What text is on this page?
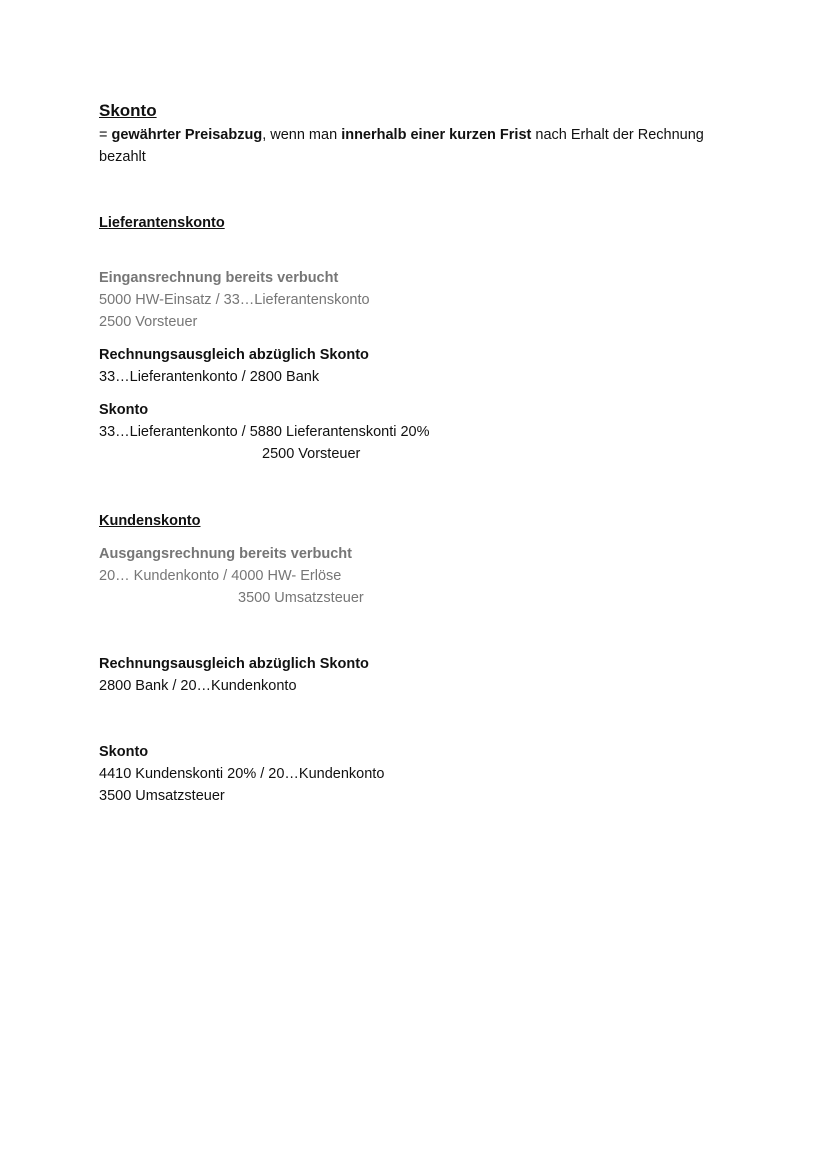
Skonto
= gewährter Preisabzug, wenn man innerhalb einer kurzen Frist nach Erhalt der Rechnung
bezahlt
Lieferantenskonto
Eingansrechnung bereits verbucht
5000 HW-Einsatz / 33…Lieferantenskonto
2500 Vorsteuer
Rechnungsausgleich abzüglich Skonto
33…Lieferantenkonto / 2800 Bank
Skonto
33…Lieferantenkonto / 5880 Lieferantenskonti 20%
2500 Vorsteuer
Kundenskonto
Ausgangsrechnung bereits verbucht
20… Kundenkonto / 4000 HW- Erlöse
3500 Umsatzsteuer
Rechnungsausgleich abzüglich Skonto
2800 Bank / 20…Kundenkonto
Skonto
4410 Kundenskonti 20% / 20…Kundenkonto
3500 Umsatzsteuer
